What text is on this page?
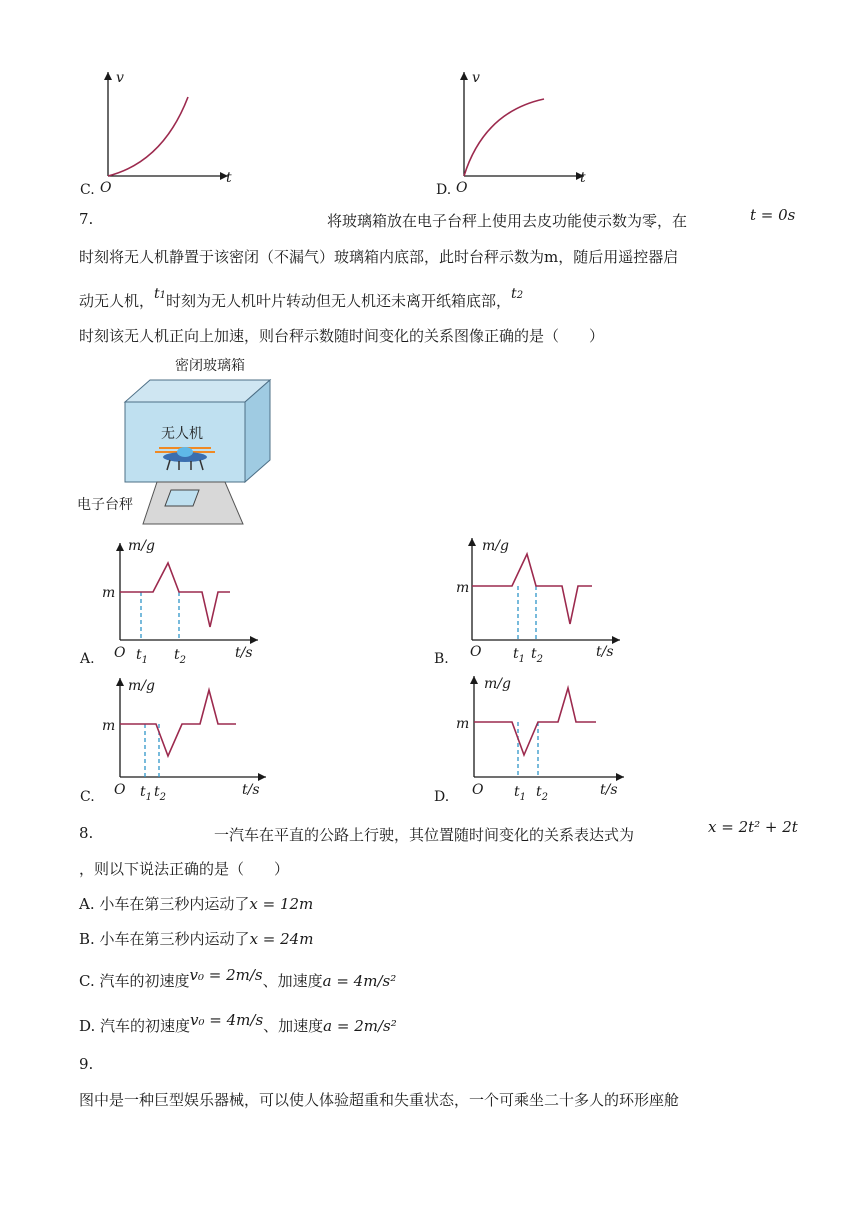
v
t
O
C.
v
t
O
D.
7.	将玻璃箱放在电子台秤上使用去皮功能使示数为零，在	t = 0s
时刻将无人机静置于该密闭（不漏气）玻璃箱内底部，此时台秤示数为m，随后用遥控器启
动无人机，t1时刻为无人机叶片转动但无人机还未离开纸箱底部，t2
时刻该无人机正向上加速，则台秤示数随时间变化的关系图像正确的是（　　）
密闭玻璃箱
无人机
电子台秤
m/g
m
O $t_1$ $t_2$	t/s
A.
m/g
m
O $t_1$ $t_2$	t/s
B.
m/g
m
O $t_1$ $t_2$	t/s
C.
m/g
m
O $t_1$ $t_2$	t/s
D.
8.	一汽车在平直的公路上行驶，其位置随时间变化的关系表达式为	x = 2t² + 2t
，则以下说法正确的是（　　）
A. 小车在第三秒内运动了x = 12m
B. 小车在第三秒内运动了x = 24m
C. 汽车的初速度v₀ = 2m/s、加速度a = 4m/s²
D. 汽车的初速度v₀ = 4m/s、加速度a = 2m/s²
9.
图中是一种巨型娱乐器械，可以使人体验超重和失重状态，一个可乘坐二十多人的环形座舱
